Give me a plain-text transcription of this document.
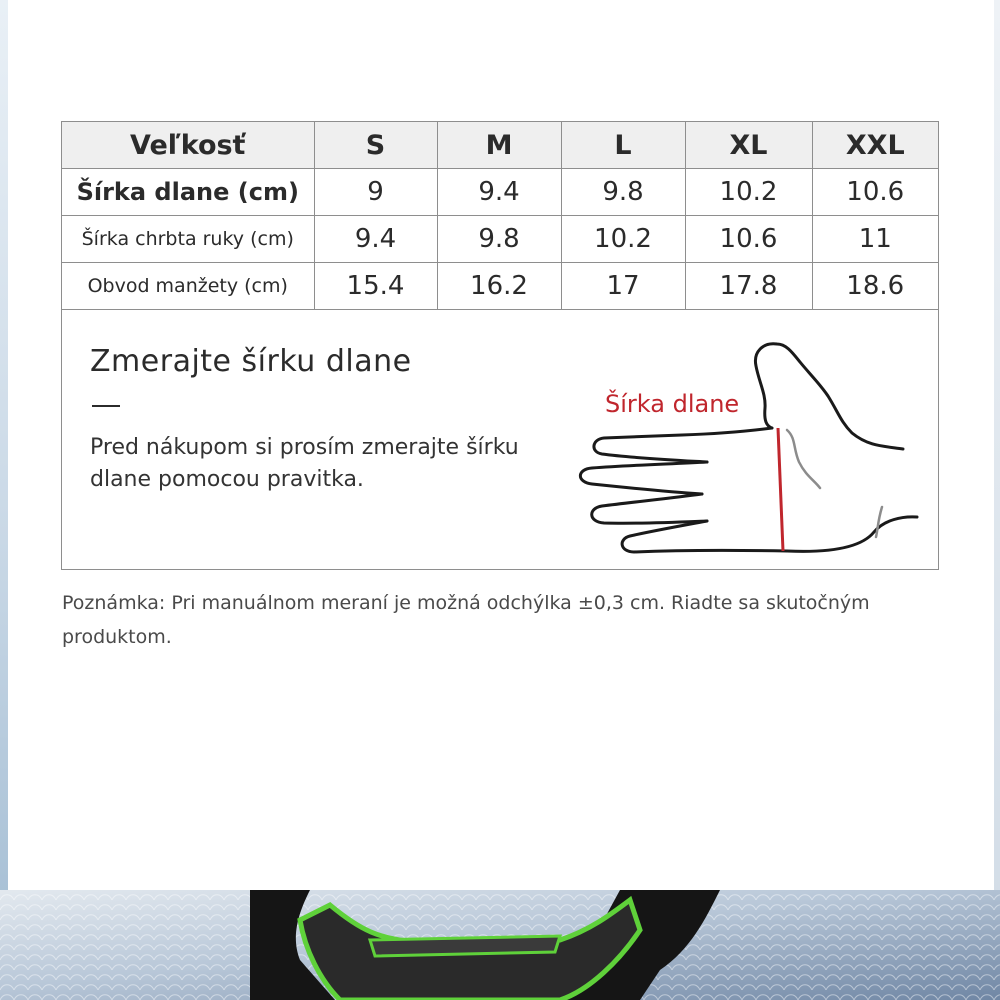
Veľkosť	S	M	L	XL	XXL
Šírka dlane (cm)	9	9.4	9.8	10.2	10.6
Šírka chrbta ruky (cm)	9.4	9.8	10.2	10.6	11
Obvod manžety (cm)	15.4	16.2	17	17.8	18.6
Zmerajte šírku dlane
Pred nákupom si prosím zmerajte šírku dlane pomocou pravitka.
Šírka dlane
Poznámka: Pri manuálnom meraní je možná odchýlka ±0,3 cm. Riadte sa skutočným produktom.
